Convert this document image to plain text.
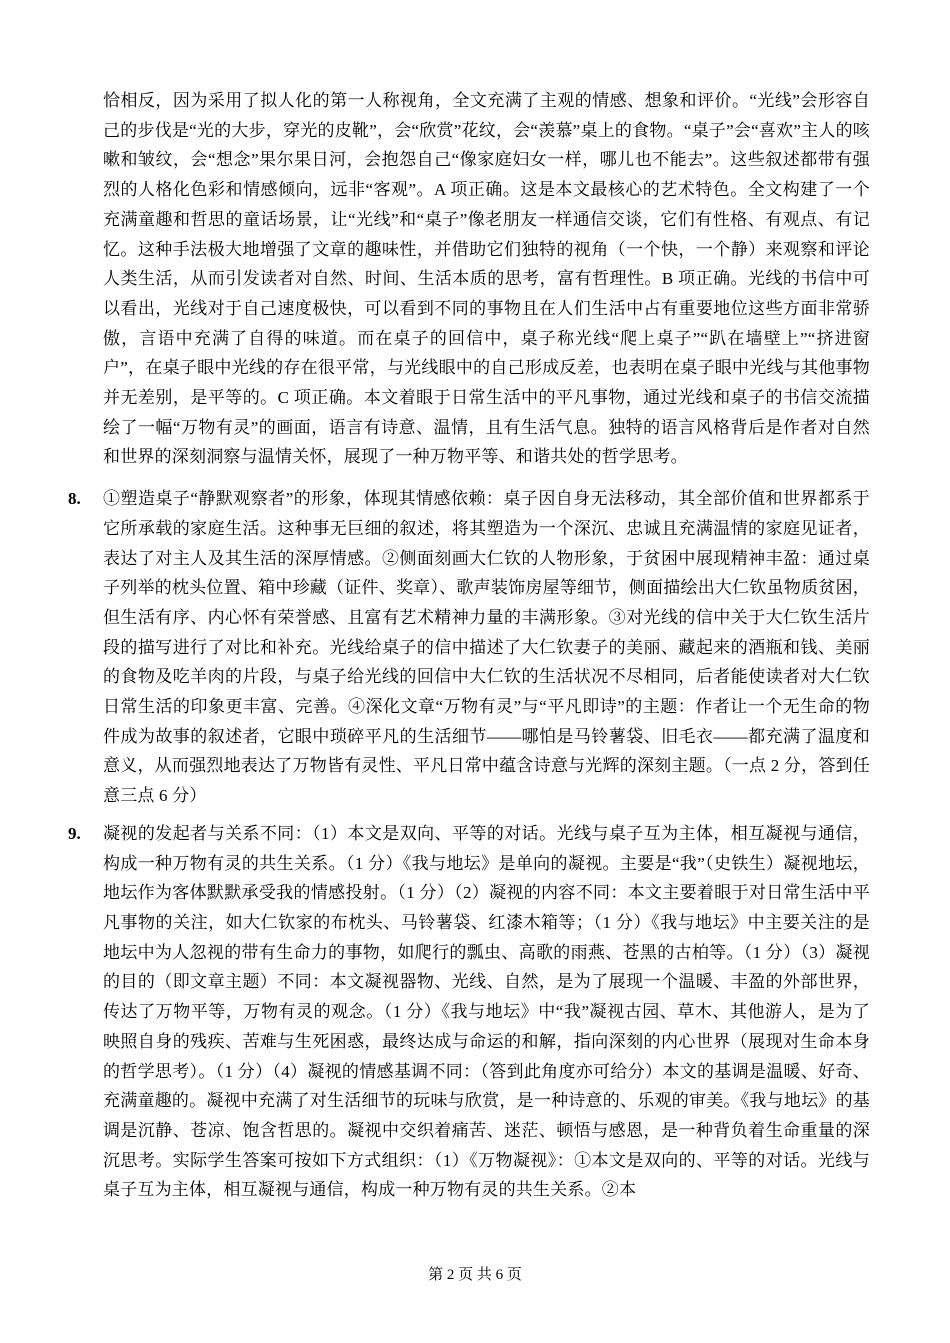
恰相反，因为采用了拟人化的第一人称视角，全文充满了主观的情感、想象和评价。“光线”会形容自己的步伐是“光的大步，穿光的皮靴”，会“欣赏”花纹，会“羡慕”桌上的食物。“桌子”会“喜欢”主人的咳嗽和皱纹，会“想念”果尔果日河，会抱怨自己“像家庭妇女一样，哪儿也不能去”。这些叙述都带有强烈的人格化色彩和情感倾向，远非“客观”。A 项正确。这是本文最核心的艺术特色。全文构建了一个充满童趣和哲思的童话场景，让“光线”和“桌子”像老朋友一样通信交谈，它们有性格、有观点、有记忆。这种手法极大地增强了文章的趣味性，并借助它们独特的视角（一个快，一个静）来观察和评论人类生活，从而引发读者对自然、时间、生活本质的思考，富有哲理性。B 项正确。光线的书信中可以看出，光线对于自己速度极快，可以看到不同的事物且在人们生活中占有重要地位这些方面非常骄傲，言语中充满了自得的味道。而在桌子的回信中，桌子称光线“爬上桌子”“趴在墙壁上”“挤进窗户”，在桌子眼中光线的存在很平常，与光线眼中的自己形成反差，也表明在桌子眼中光线与其他事物并无差别，是平等的。C 项正确。本文着眼于日常生活中的平凡事物，通过光线和桌子的书信交流描绘了一幅“万物有灵”的画面，语言有诗意、温情，且有生活气息。独特的语言风格背后是作者对自然和世界的深刻洞察与温情关怀，展现了一种万物平等、和谐共处的哲学思考。

8. ①塑造桌子“静默观察者”的形象，体现其情感依赖：桌子因自身无法移动，其全部价值和世界都系于它所承载的家庭生活。这种事无巨细的叙述，将其塑造为一个深沉、忠诚且充满温情的家庭见证者，表达了对主人及其生活的深厚情感。②侧面刻画大仁钦的人物形象，于贫困中展现精神丰盈：通过桌子列举的枕头位置、箱中珍藏（证件、奖章）、歌声装饰房屋等细节，侧面描绘出大仁钦虽物质贫困，但生活有序、内心怀有荣誉感、且富有艺术精神力量的丰满形象。③对光线的信中关于大仁钦生活片段的描写进行了对比和补充。光线给桌子的信中描述了大仁钦妻子的美丽、藏起来的酒瓶和钱、美丽的食物及吃羊肉的片段，与桌子给光线的回信中大仁钦的生活状况不尽相同，后者能使读者对大仁钦日常生活的印象更丰富、完善。④深化文章“万物有灵”与“平凡即诗”的主题：作者让一个无生命的物件成为故事的叙述者，它眼中琐碎平凡的生活细节——哪怕是马铃薯袋、旧毛衣——都充满了温度和意义，从而强烈地表达了万物皆有灵性、平凡日常中蕴含诗意与光辉的深刻主题。（一点 2 分，答到任意三点 6 分）
9. 凝视的发起者与关系不同：（1）本文是双向、平等的对话。光线与桌子互为主体，相互凝视与通信，构成一种万物有灵的共生关系。（1 分）《我与地坛》是单向的凝视。主要是“我”（史铁生）凝视地坛，地坛作为客体默默承受我的情感投射。（1 分）（2）凝视的内容不同：本文主要着眼于对日常生活中平凡事物的关注，如大仁钦家的布枕头、马铃薯袋、红漆木箱等；（1 分）《我与地坛》中主要关注的是地坛中为人忽视的带有生命力的事物，如爬行的瓢虫、高歌的雨燕、苍黑的古柏等。（1 分）（3）凝视的目的（即文章主题）不同：本文凝视器物、光线、自然，是为了展现一个温暖、丰盈的外部世界，传达了万物平等，万物有灵的观念。（1 分）《我与地坛》中“我”凝视古园、草木、其他游人，是为了映照自身的残疾、苦难与生死困惑，最终达成与命运的和解，指向深刻的内心世界（展现对生命本身的哲学思考）。（1 分）（4）凝视的情感基调不同：（答到此角度亦可给分）本文的基调是温暖、好奇、充满童趣的。凝视中充满了对生活细节的玩味与欣赏，是一种诗意的、乐观的审美。《我与地坛》的基调是沉静、苍凉、饱含哲思的。凝视中交织着痛苦、迷茫、顿悟与感恩，是一种背负着生命重量的深沉思考。实际学生答案可按如下方式组织：（1）《万物凝视》：①本文是双向的、平等的对话。光线与桌子互为主体，相互凝视与通信，构成一种万物有灵的共生关系。②本
第 2 页 共 6 页
